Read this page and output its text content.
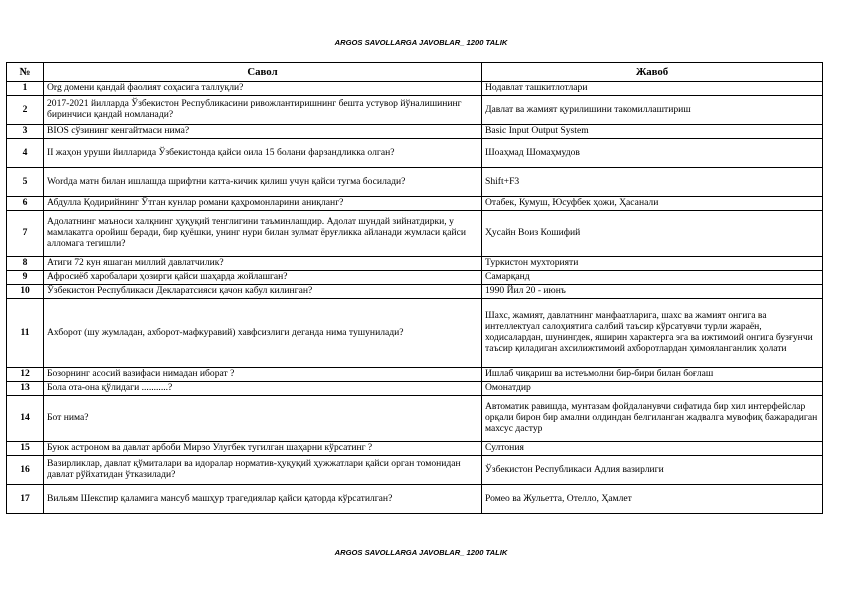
ARGOS SAVOLLARGA JAVOBLAR_ 1200 TALIK
№	Савол	Жавоб
1	Org домени қандай фаолият соҳасига таллуқли?	Нодавлат ташкитлотлари
2	2017-2021 йилларда Ўзбекистон Республикасини ривожлантиришнинг бешта устувор йўналишининг биринчиси қандай номланади?	Давлат ва жамият қурилишини такомиллаштириш
3	BIOS сўзининг кенгайтмаси нима?	Basic Input Output System
4	II жаҳон уруши йилларида Ўзбекистонда қайси оила 15 болани фарзандликка олган?	Шоаҳмад Шомаҳмудов
5	Wordда матн билан ишлашда шрифтни катта-кичик қилиш учун қайси тугма босилади?	Shift+F3
6	Абдулла Қодирийнинг Ўтган кунлар романи қаҳромонларини аниқланг?	Отабек, Кумуш, Юсуфбек ҳожи, Ҳасанали
7	Адолатнинг маъноси халқнинг ҳуқуқий тенглигини таъминлашдир. Адолат шундай зийнатдирки, у мамлакатга оройиш беради, бир қуёшки, унинг нури билан зулмат ёруғликка айланади жумласи қайси алломага тегишли?	Ҳусайн Воиз Кошифий
8	Атиги 72 кун яшаган миллий давлатчилик?	Туркистон мухторияти
9	Афросиёб харобалари ҳозирги қайси шаҳарда жойлашган?	Самарқанд
10	Ўзбекистон Республикаси Декларатсияси қачон кабул килинган?	1990 Йил 20 - июнъ
11	Ахборот (шу жумладан, ахборот-мафкуравий) хавфсизлиги деганда нима тушунилади?	Шахс, жамият, давлатнинг манфаатларига, шахс ва жамият онгига ва интеллектуал салоҳиятига салбий таъсир кўрсатувчи турли жараён, ходисалардан, шунингдек, яширин характерга эга ва ижтимоий онгига бузғунчи таъсир қиладиган ахсилижтимоий ахборотлардан ҳимояланганлик ҳолати
12	Бозорнинг асосий вазифаси нимадан иборат ?	Ишлаб чиқариш ва истеъмолни бир-бири билан боғлаш
13	Бола ота-она қўлидаги ...........?	Омонатдир
14	Бот нима?	Автоматик равишда, мунтазам фойдаланувчи сифатида бир хил интерфейслар орқали бирон бир амални олдиндан белгиланган жадвалга мувофиқ бажарадиган махсус дастур
15	Буюк астроном ва давлат арбоби Мирзо Улугбек тугилган шаҳарни кўрсатинг ?	Султония
16	Вазирликлар, давлат қўмиталари ва идоралар норматив-ҳуқуқий ҳужжатлари қайси орган томонидан давлат рўйхатидан ўтказилади?	Ўзбекистон Республикаси Адлия вазирлиги
17	Вильям Шекспир қаламига мансуб машҳур трагедиялар қайси қаторда кўрсатилган?	Ромео ва Жульетта, Отелло, Ҳамлет
ARGOS SAVOLLARGA JAVOBLAR_ 1200 TALIK
